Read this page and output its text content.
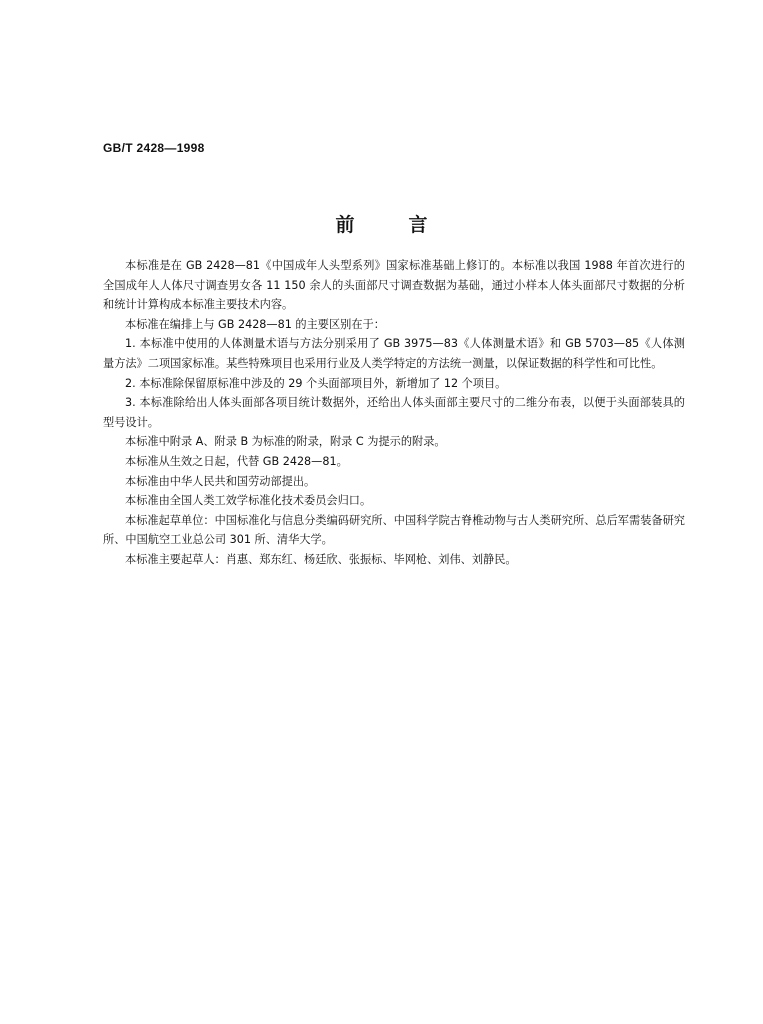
GB/T 2428—1998
前	言

本标准是在 GB 2428—81《中国成年人头型系列》国家标准基础上修订的。本标准以我国 1988 年首次进行的全国成年人人体尺寸调查男女各 11 150 余人的头面部尺寸调查数据为基础，通过小样本人体头面部尺寸数据的分析和统计计算构成本标准主要技术内容。

本标准在编排上与 GB 2428—81 的主要区别在于：

1. 本标准中使用的人体测量术语与方法分别采用了 GB 3975—83《人体测量术语》和 GB 5703—85《人体测量方法》二项国家标准。某些特殊项目也采用行业及人类学特定的方法统一测量，以保证数据的科学性和可比性。

2. 本标准除保留原标准中涉及的 29 个头面部项目外，新增加了 12 个项目。

3. 本标准除给出人体头面部各项目统计数据外，还给出人体头面部主要尺寸的二维分布表，以便于头面部装具的型号设计。

本标准中附录 A、附录 B 为标准的附录，附录 C 为提示的附录。

本标准从生效之日起，代替 GB 2428—81。

本标准由中华人民共和国劳动部提出。

本标准由全国人类工效学标准化技术委员会归口。

本标准起草单位：中国标准化与信息分类编码研究所、中国科学院古脊椎动物与古人类研究所、总后军需装备研究所、中国航空工业总公司 301 所、清华大学。

本标准主要起草人：肖惠、郑东红、杨廷欣、张振标、毕网枪、刘伟、刘静民。
